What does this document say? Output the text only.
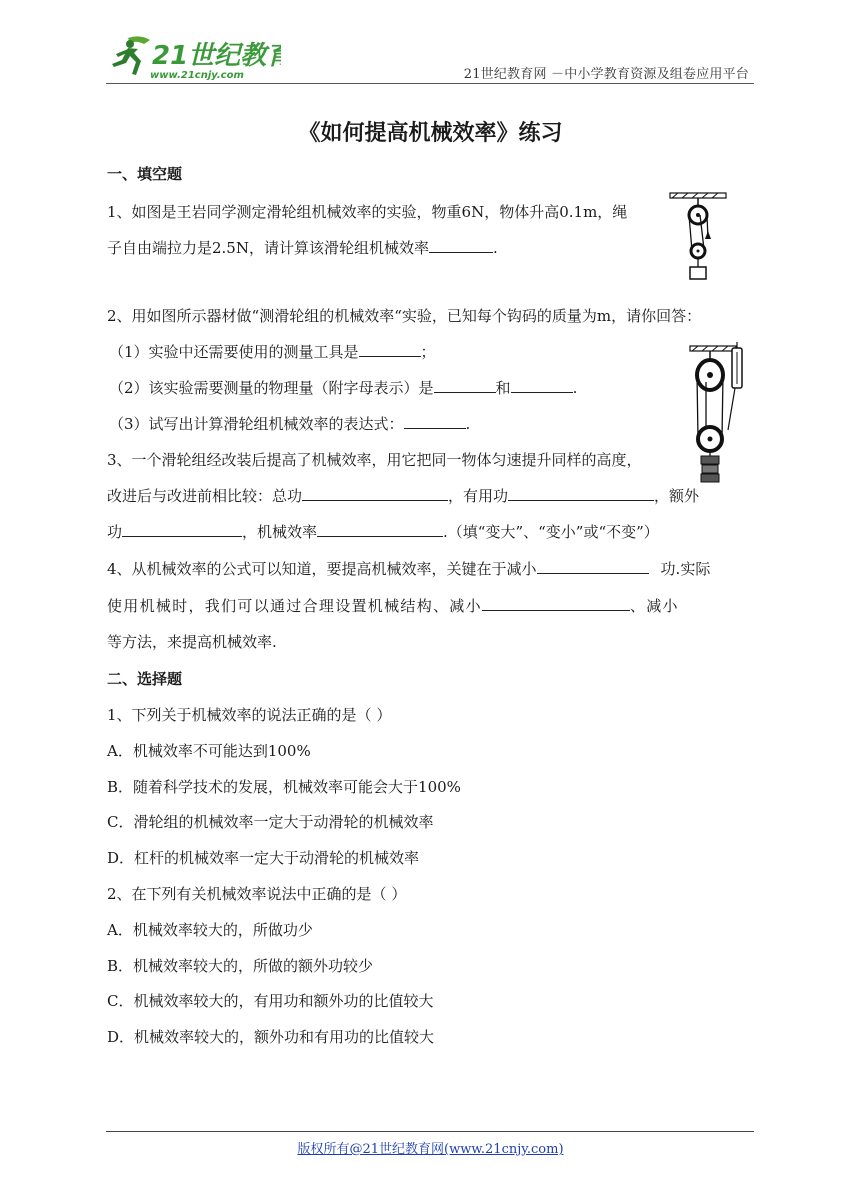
21世纪教育
www.21cnjy.com	21世纪教育网 －中小学教育资源及组卷应用平台
《如何提高机械效率》练习
一、填空题
1、如图是王岩同学测定滑轮组机械效率的实验，物重6N，物体升高0.1m，绳
子自由端拉力是2.5N，请计算该滑轮组机械效率	.
2、用如图所示器材做“测滑轮组的机械效率“实验，已知每个钩码的质量为m，请你回答：
（1）实验中还需要使用的测量工具是	；
（2）该实验需要测量的物理量（附字母表示）是	和	.
（3）试写出计算滑轮组机械效率的表达式：	.
3、一个滑轮组经改装后提高了机械效率，用它把同一物体匀速提升同样的高度，
改进后与改进前相比较：总功	，有用功	，额外
功	，机械效率	.（填“变大”、“变小”或“不变”）
4、从机械效率的公式可以知道，要提高机械效率，关键在于减小	功.实际
使用机械时，我们可以通过合理设置机械结构、减小	、减小
等方法，来提高机械效率.
二、选择题
1、下列关于机械效率的说法正确的是（ ）
A．机械效率不可能达到100%
B．随着科学技术的发展，机械效率可能会大于100%
C．滑轮组的机械效率一定大于动滑轮的机械效率
D．杠杆的机械效率一定大于动滑轮的机械效率
2、在下列有关机械效率说法中正确的是（ ）
A．机械效率较大的，所做功少
B．机械效率较大的，所做的额外功较少
C．机械效率较大的，有用功和额外功的比值较大
D．机械效率较大的，额外功和有用功的比值较大
版权所有@21世纪教育网(www.21cnjy.com)
